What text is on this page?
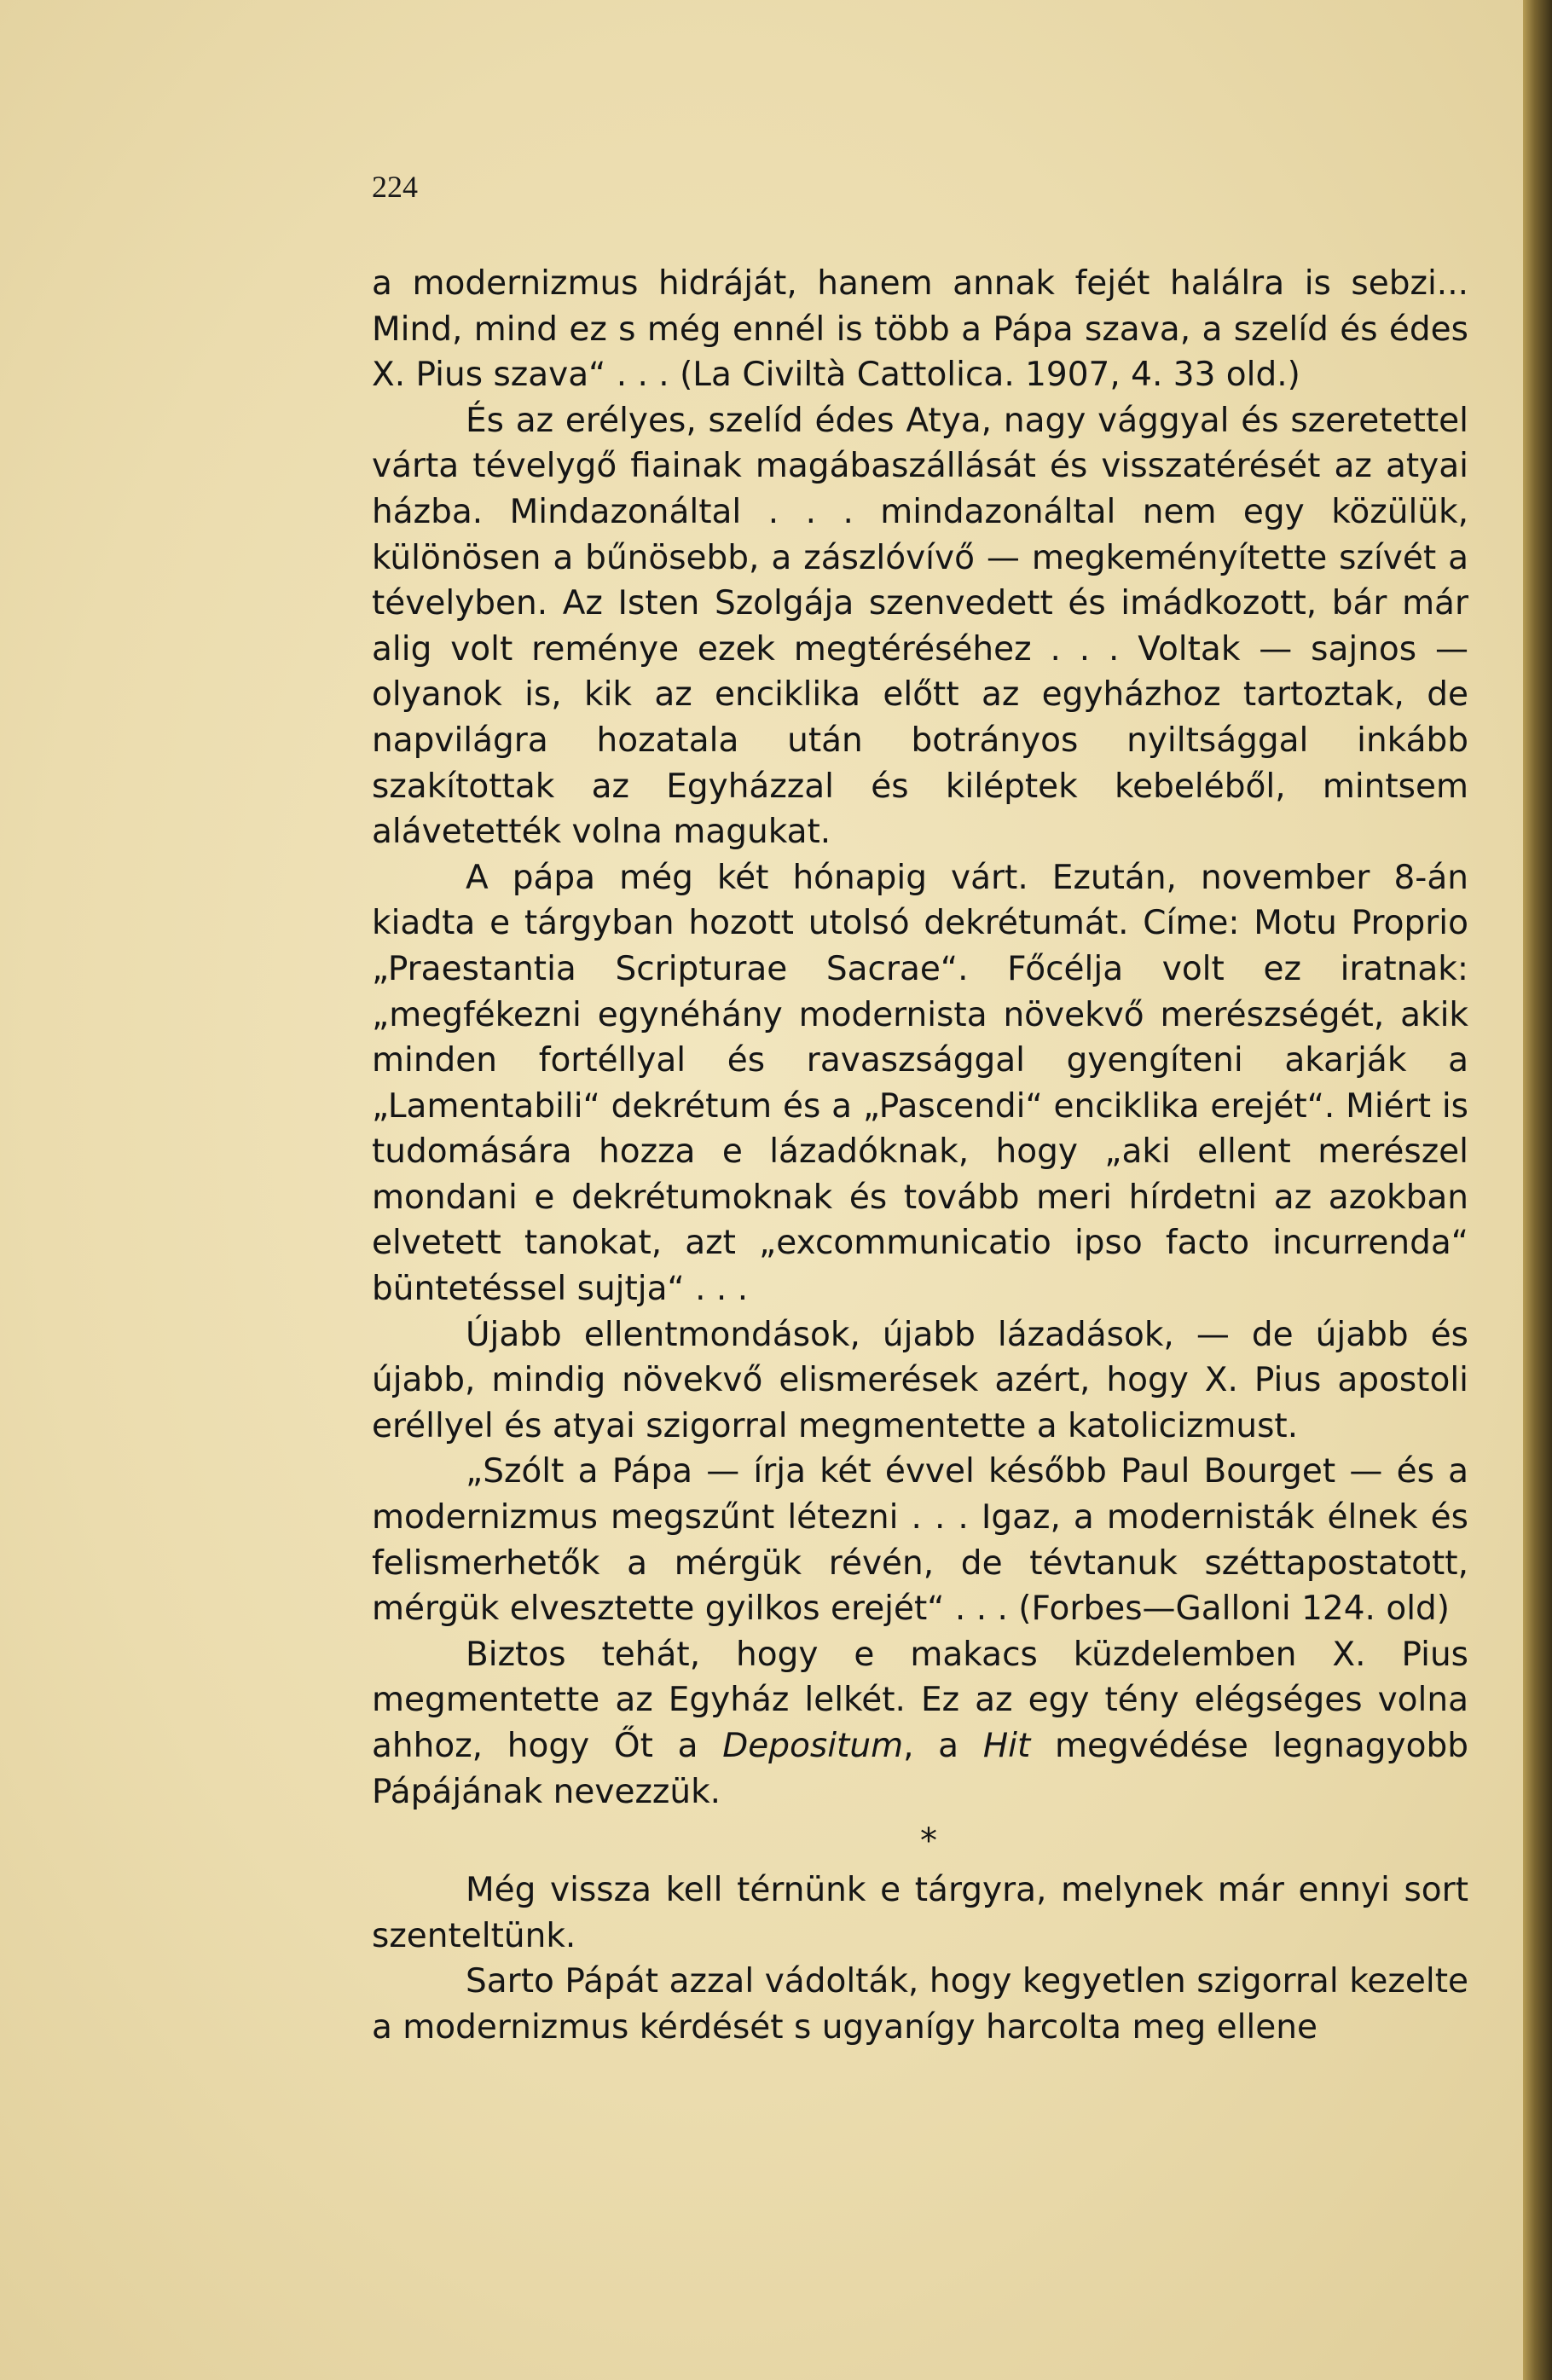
224

a modernizmus hidráját, hanem annak fejét halálra is sebzi... Mind, mind ez s még ennél is több a Pápa szava, a szelíd és édes X. Pius szava“ . . . (La Civiltà Cattolica. 1907, 4. 33 old.)

És az erélyes, szelíd édes Atya, nagy vággyal és szeretettel várta tévelygő fiainak magábaszállását és visszatérését az atyai házba. Mindazonáltal . . . mindazonáltal nem egy közülük, különösen a bűnösebb, a zászlóvívő — megkeményítette szívét a tévelyben. Az Isten Szolgája szenvedett és imádkozott, bár már alig volt reménye ezek megtéréséhez . . . Voltak — sajnos — olyanok is, kik az enciklika előtt az egyházhoz tartoztak, de napvilágra hozatala után botrányos nyiltsággal inkább szakítottak az Egyházzal és kiléptek kebeléből, mintsem alávetették volna magukat.

A pápa még két hónapig várt. Ezután, november 8-án kiadta e tárgyban hozott utolsó dekrétumát. Címe: Motu Proprio „Praestantia Scripturae Sacrae“. Főcélja volt ez iratnak: „megfékezni egynéhány modernista növekvő merészségét, akik minden fortéllyal és ravaszsággal gyengíteni akarják a „Lamentabili“ dekrétum és a „Pascendi“ enciklika erejét“. Miért is tudomására hozza e lázadóknak, hogy „aki ellent merészel mondani e dekrétumoknak és tovább meri hírdetni az azokban elvetett tanokat, azt „excommunicatio ipso facto incurrenda“ büntetéssel sujtja“ . . .

Újabb ellentmondások, újabb lázadások, — de újabb és újabb, mindig növekvő elismerések azért, hogy X. Pius apostoli eréllyel és atyai szigorral megmentette a katolicizmust.

„Szólt a Pápa — írja két évvel később Paul Bourget — és a modernizmus megszűnt létezni . . . Igaz, a modernisták élnek és felismerhetők a mérgük révén, de tévtanuk széttapostatott, mérgük elvesztette gyilkos erejét“ . . . (Forbes—Galloni 124. old)

Biztos tehát, hogy e makacs küzdelemben X. Pius megmentette az Egyház lelkét. Ez az egy tény elégséges volna ahhoz, hogy Őt a Depositum, a Hit megvédése legnagyobb Pápájának nevezzük.

*

Még vissza kell térnünk e tárgyra, melynek már ennyi sort szenteltünk.

Sarto Pápát azzal vádolták, hogy kegyetlen szigorral kezelte a modernizmus kérdését s ugyanígy harcolta meg ellene
